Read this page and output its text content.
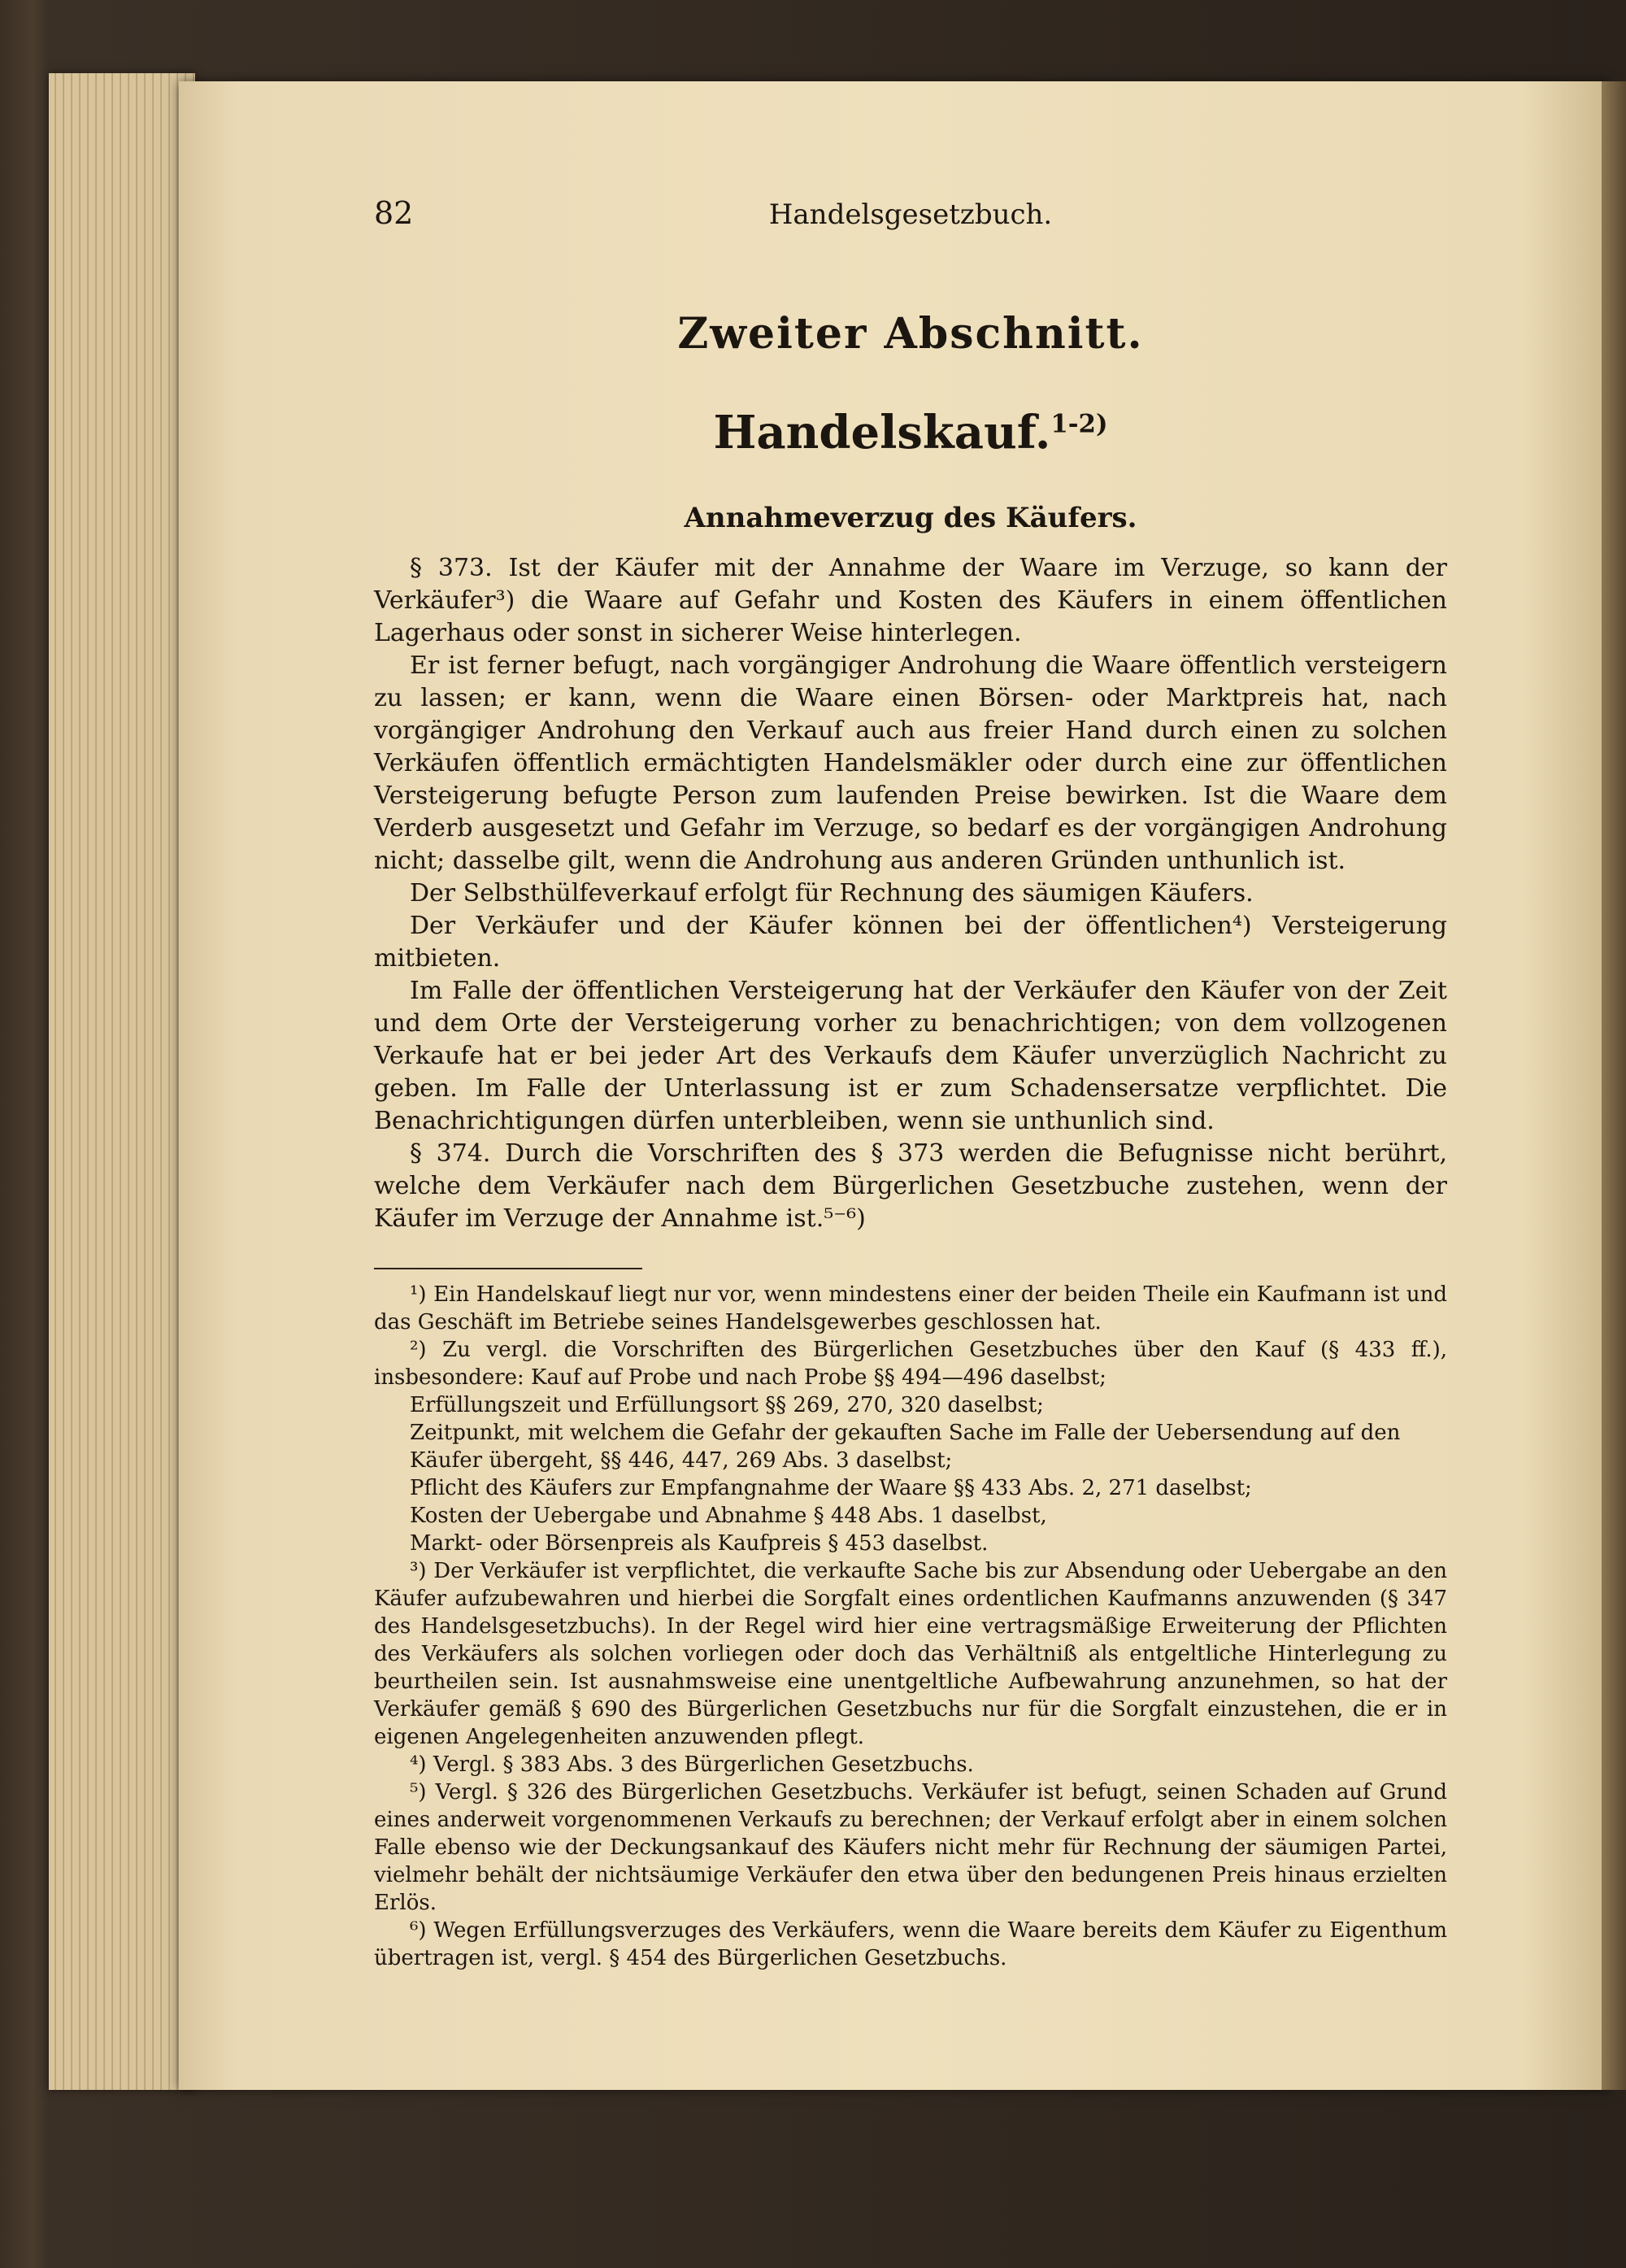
82	Handelsgesetzbuch.
Zweiter Abschnitt.
Handelskauf.$^{1-2)}$
Annahmeverzug des Käufers.

§ 373. Ist der Käufer mit der Annahme der Waare im Verzuge, so kann der Verkäufer³) die Waare auf Gefahr und Kosten des Käufers in einem öffentlichen Lagerhaus oder sonst in sicherer Weise hinterlegen.

Er ist ferner befugt, nach vorgängiger Androhung die Waare öffentlich versteigern zu lassen; er kann, wenn die Waare einen Börsen- oder Marktpreis hat, nach vorgängiger Androhung den Verkauf auch aus freier Hand durch einen zu solchen Verkäufen öffentlich ermächtigten Handelsmäkler oder durch eine zur öffentlichen Versteigerung befugte Person zum laufenden Preise bewirken. Ist die Waare dem Verderb ausgesetzt und Gefahr im Verzuge, so bedarf es der vorgängigen Androhung nicht; dasselbe gilt, wenn die Androhung aus anderen Gründen unthunlich ist.

Der Selbsthülfeverkauf erfolgt für Rechnung des säumigen Käufers.

Der Verkäufer und der Käufer können bei der öffentlichen⁴) Versteigerung mitbieten.

Im Falle der öffentlichen Versteigerung hat der Verkäufer den Käufer von der Zeit und dem Orte der Versteigerung vorher zu benachrichtigen; von dem vollzogenen Verkaufe hat er bei jeder Art des Verkaufs dem Käufer unverzüglich Nachricht zu geben. Im Falle der Unterlassung ist er zum Schadensersatze verpflichtet. Die Benachrichtigungen dürfen unterbleiben, wenn sie unthunlich sind.

§ 374. Durch die Vorschriften des § 373 werden die Befugnisse nicht berührt, welche dem Verkäufer nach dem Bürgerlichen Gesetzbuche zustehen, wenn der Käufer im Verzuge der Annahme ist.⁵⁻⁶)

¹) Ein Handelskauf liegt nur vor, wenn mindestens einer der beiden Theile ein Kaufmann ist und das Geschäft im Betriebe seines Handelsgewerbes geschlossen hat.

²) Zu vergl. die Vorschriften des Bürgerlichen Gesetzbuches über den Kauf (§ 433 ff.), insbesondere: Kauf auf Probe und nach Probe §§ 494—496 daselbst;

Erfüllungszeit und Erfüllungsort §§ 269, 270, 320 daselbst;

Zeitpunkt, mit welchem die Gefahr der gekauften Sache im Falle der Uebersendung auf den Käufer übergeht, §§ 446, 447, 269 Abs. 3 daselbst;

Pflicht des Käufers zur Empfangnahme der Waare §§ 433 Abs. 2, 271 daselbst;

Kosten der Uebergabe und Abnahme § 448 Abs. 1 daselbst,

Markt- oder Börsenpreis als Kaufpreis § 453 daselbst.

³) Der Verkäufer ist verpflichtet, die verkaufte Sache bis zur Absendung oder Uebergabe an den Käufer aufzubewahren und hierbei die Sorgfalt eines ordentlichen Kaufmanns anzuwenden (§ 347 des Handelsgesetzbuchs). In der Regel wird hier eine vertragsmäßige Erweiterung der Pflichten des Verkäufers als solchen vorliegen oder doch das Verhältniß als entgeltliche Hinterlegung zu beurtheilen sein. Ist ausnahmsweise eine unentgeltliche Aufbewahrung anzunehmen, so hat der Verkäufer gemäß § 690 des Bürgerlichen Gesetzbuchs nur für die Sorgfalt einzustehen, die er in eigenen Angelegenheiten anzuwenden pflegt.

⁴) Vergl. § 383 Abs. 3 des Bürgerlichen Gesetzbuchs.

⁵) Vergl. § 326 des Bürgerlichen Gesetzbuchs. Verkäufer ist befugt, seinen Schaden auf Grund eines anderweit vorgenommenen Verkaufs zu berechnen; der Verkauf erfolgt aber in einem solchen Falle ebenso wie der Deckungsankauf des Käufers nicht mehr für Rechnung der säumigen Partei, vielmehr behält der nichtsäumige Verkäufer den etwa über den bedungenen Preis hinaus erzielten Erlös.

⁶) Wegen Erfüllungsverzuges des Verkäufers, wenn die Waare bereits dem Käufer zu Eigenthum übertragen ist, vergl. § 454 des Bürgerlichen Gesetzbuchs.
